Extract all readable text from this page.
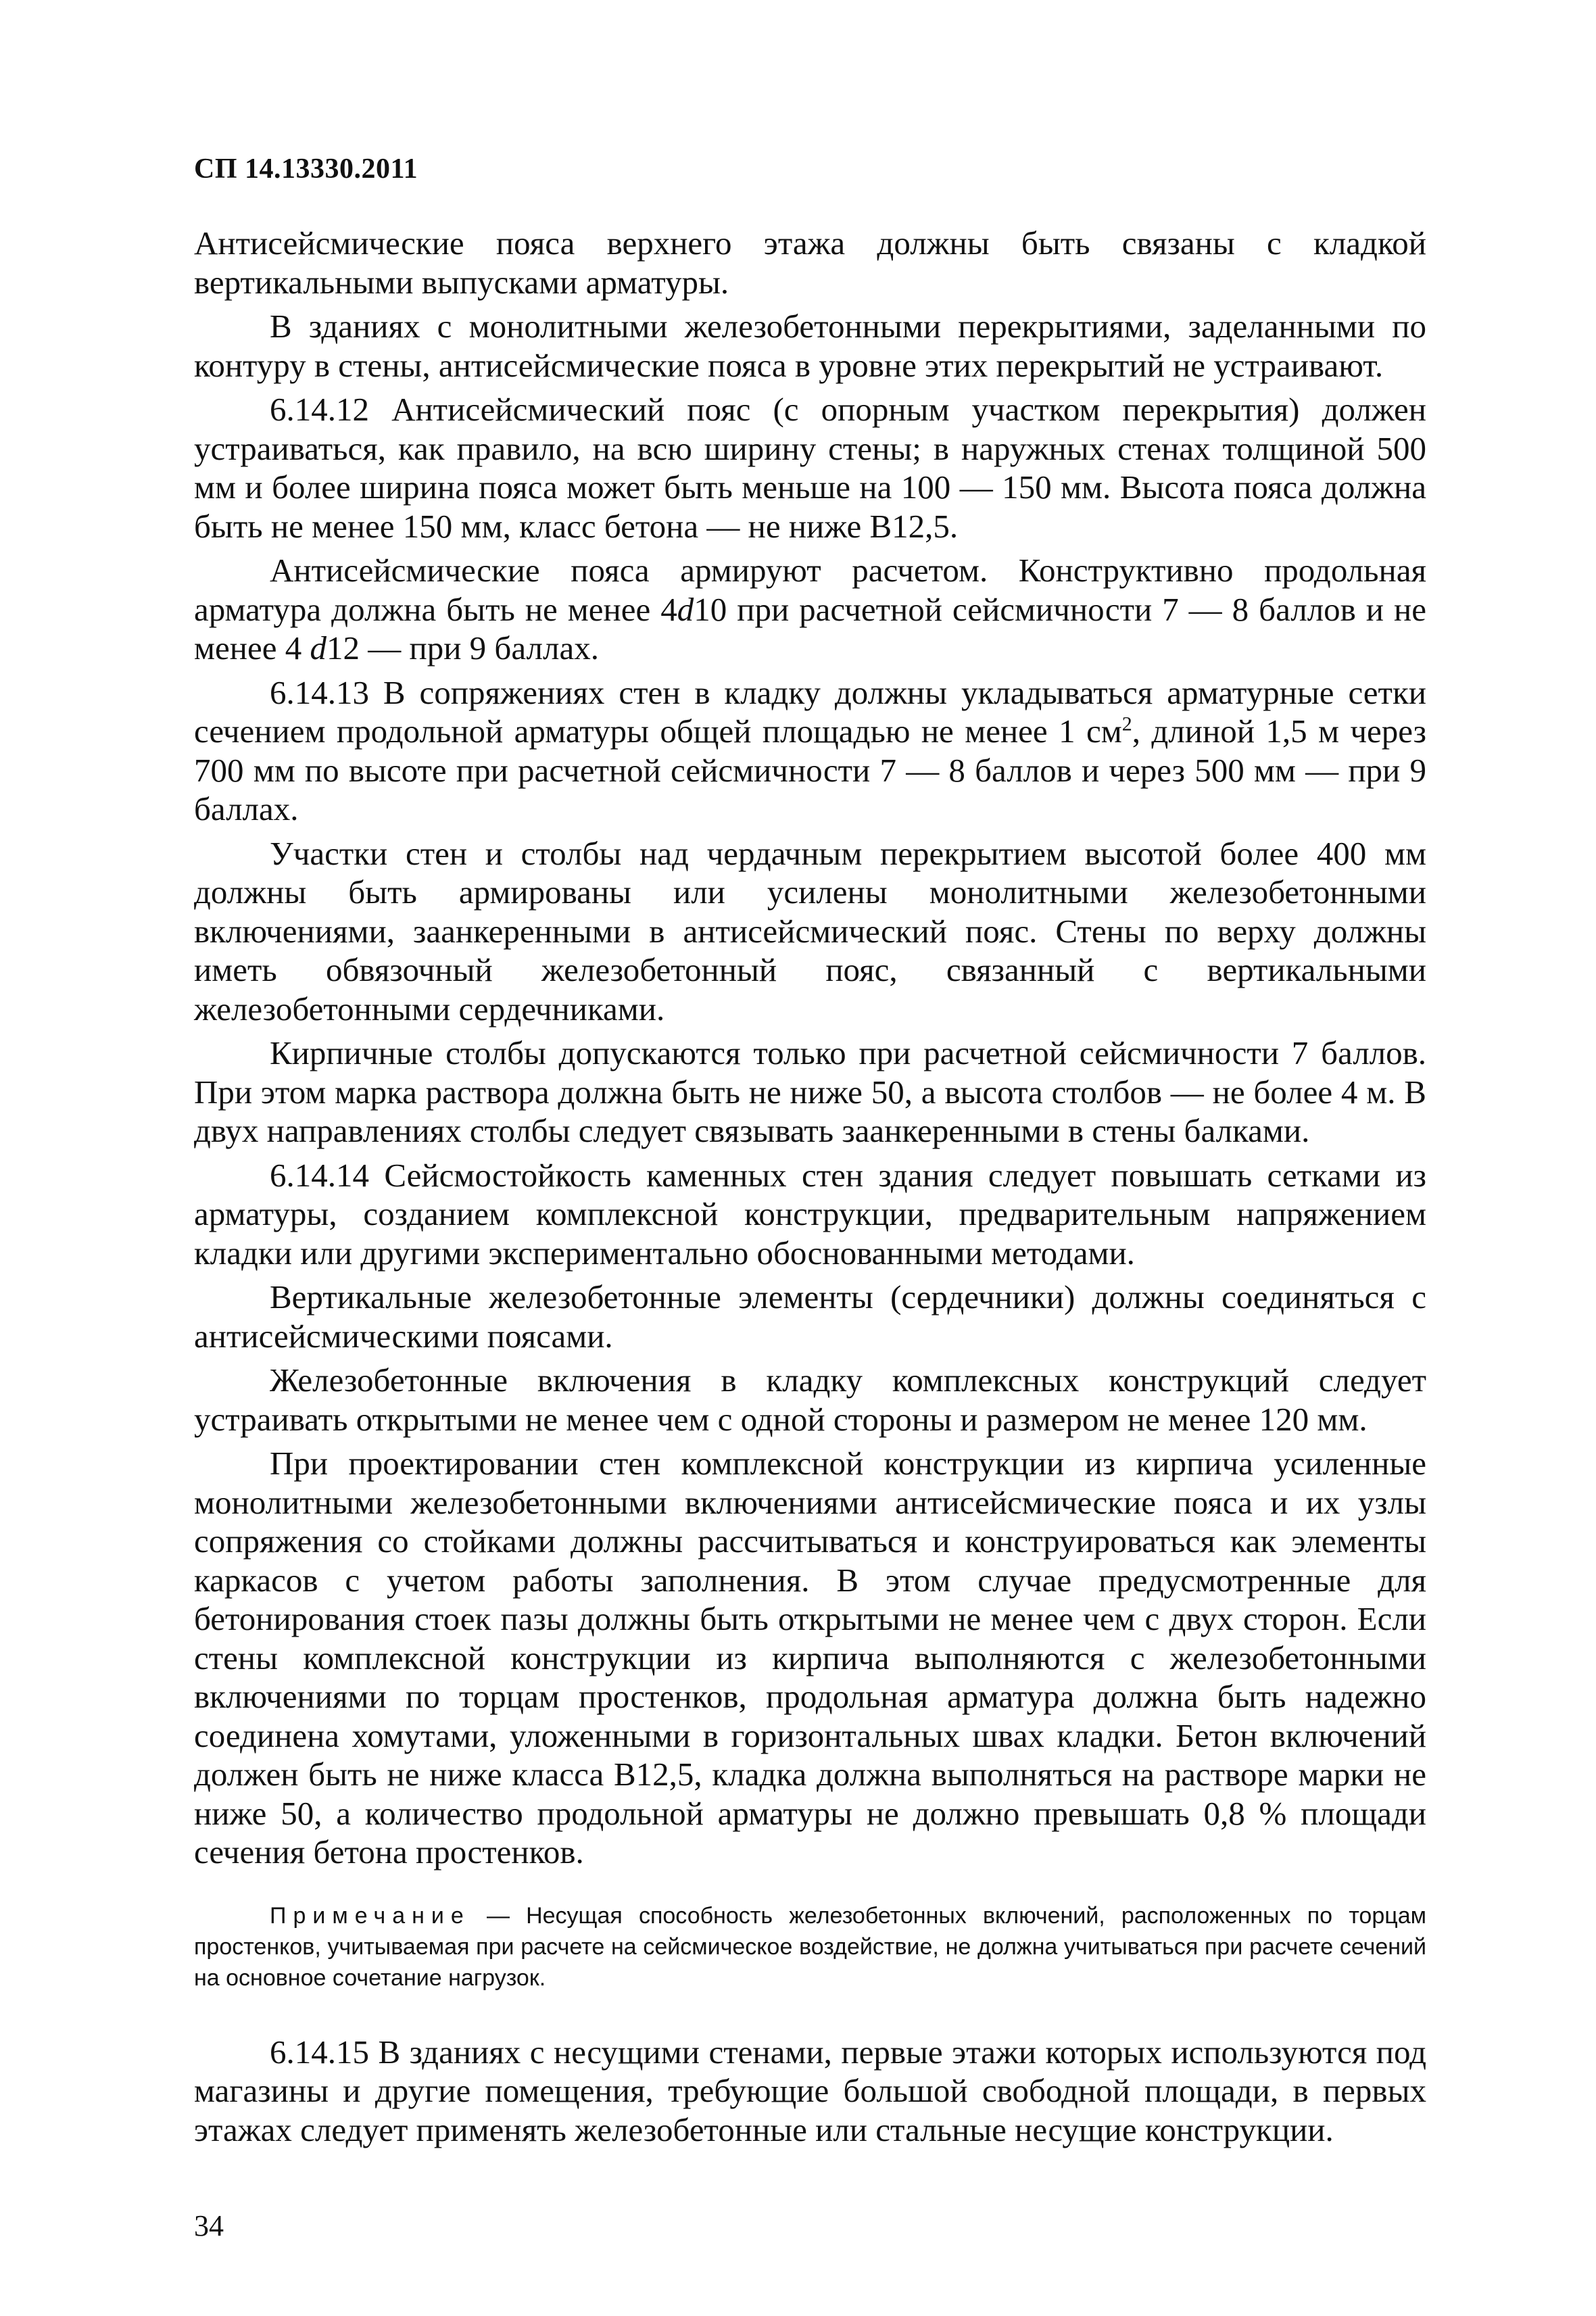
СП 14.13330.2011

Антисейсмические пояса верхнего этажа должны быть связаны с кладкой вертикальными выпусками арматуры.

В зданиях с монолитными железобетонными перекрытиями, заделанными по контуру в стены, антисейсмические пояса в уровне этих перекрытий не устраивают.

6.14.12 Антисейсмический пояс (с опорным участком перекрытия) должен устраиваться, как правило, на всю ширину стены; в наружных стенах толщиной 500 мм и более ширина пояса может быть меньше на 100 — 150 мм. Высота пояса должна быть не менее 150 мм, класс бетона — не ниже В12,5.

Антисейсмические пояса армируют расчетом. Конструктивно продольная арматура должна быть не менее 4d10 при расчетной сейсмичности 7 — 8 баллов и не менее 4 d12 — при 9 баллах.

6.14.13 В сопряжениях стен в кладку должны укладываться арматурные сетки сечением продольной арматуры общей площадью не менее 1 $см^2$, длиной 1,5 м через 700 мм по высоте при расчетной сейсмичности 7 — 8 баллов и через 500 мм — при 9 баллах.

Участки стен и столбы над чердачным перекрытием высотой более 400 мм должны быть армированы или усилены монолитными железобетонными включениями, заанкеренными в антисейсмический пояс. Стены по верху должны иметь обвязочный железобетонный пояс, связанный с вертикальными железобетонными сердечниками.

Кирпичные столбы допускаются только при расчетной сейсмичности 7 баллов. При этом марка раствора должна быть не ниже 50, а высота столбов — не более 4 м. В двух направлениях столбы следует связывать заанкеренными в стены балками.

6.14.14 Сейсмостойкость каменных стен здания следует повышать сетками из арматуры, созданием комплексной конструкции, предварительным напряжением кладки или другими экспериментально обоснованными методами.

Вертикальные железобетонные элементы (сердечники) должны соединяться с антисейсмическими поясами.

Железобетонные включения в кладку комплексных конструкций следует устраивать открытыми не менее чем с одной стороны и размером не менее 120 мм.

При проектировании стен комплексной конструкции из кирпича усиленные монолитными железобетонными включениями антисейсмические пояса и их узлы сопряжения со стойками должны рассчитываться и конструироваться как элементы каркасов с учетом работы заполнения. В этом случае предусмотренные для бетонирования стоек пазы должны быть открытыми не менее чем с двух сторон. Если стены комплексной конструкции из кирпича выполняются с железобетонными включениями по торцам простенков, продольная арматура должна быть надежно соединена хомутами, уложенными в горизонтальных швах кладки. Бетон включений должен быть не ниже класса В12,5, кладка должна выполняться на растворе марки не ниже 50, а количество продольной арматуры не должно превышать 0,8 % площади сечения бетона простенков.

Примечание — Несущая способность железобетонных включений, расположенных по торцам простенков, учитываемая при расчете на сейсмическое воздействие, не должна учитываться при расчете сечений на основное сочетание нагрузок.

6.14.15 В зданиях с несущими стенами, первые этажи которых используются под магазины и другие помещения, требующие большой свободной площади, в первых этажах следует применять железобетонные или стальные несущие конструкции.

34
